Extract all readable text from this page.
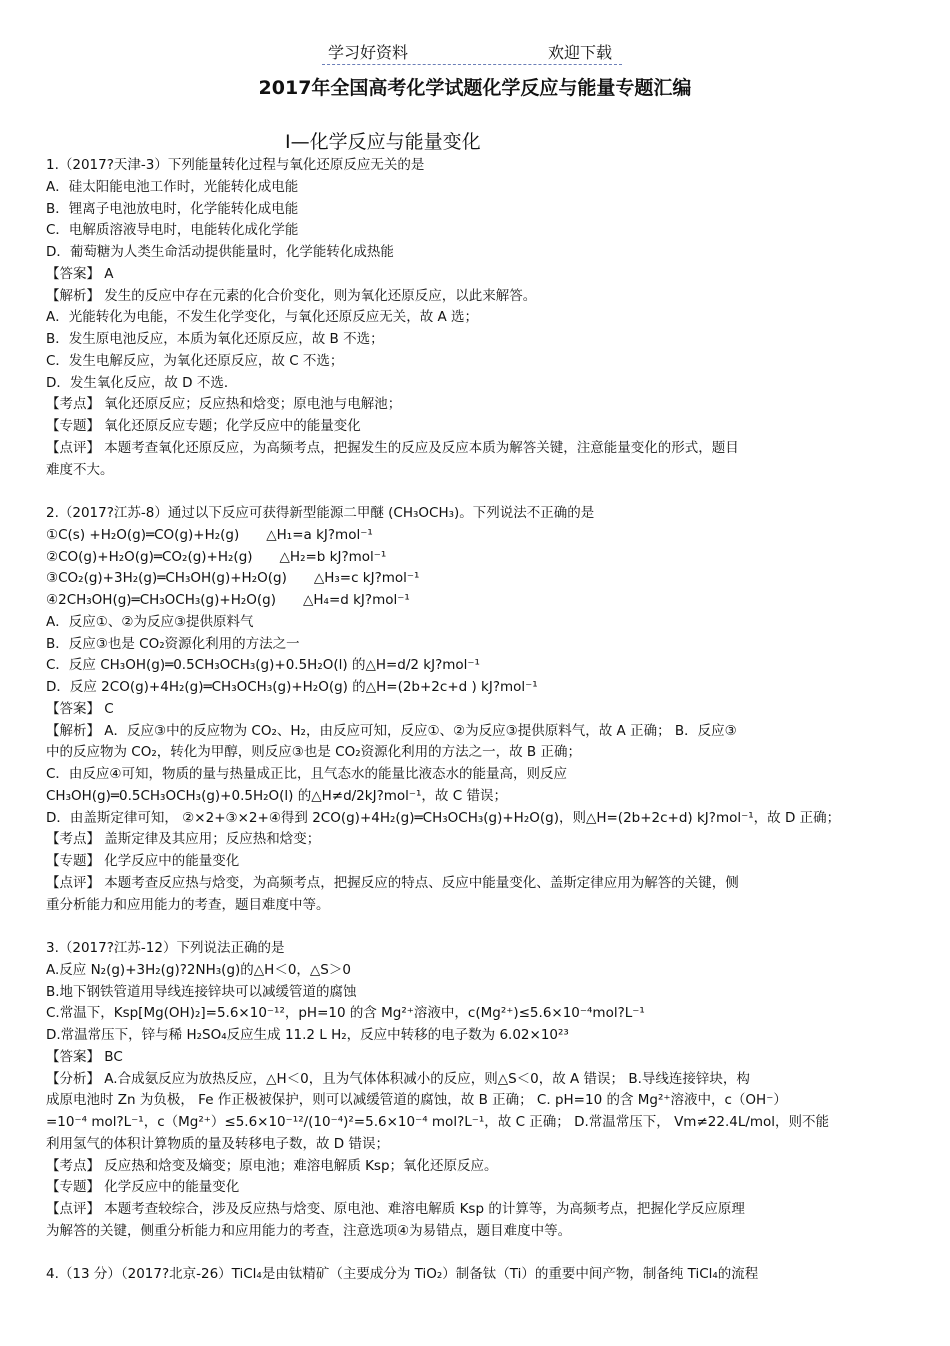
学习好资料	欢迎下载
2017年全国高考化学试题化学反应与能量专题汇编
Ⅰ—化学反应与能量变化
1.（2017?天津-3）下列能量转化过程与氧化还原反应无关的是
A．硅太阳能电池工作时，光能转化成电能
B．锂离子电池放电时，化学能转化成电能
C．电解质溶液导电时，电能转化成化学能
D．葡萄糖为人类生命活动提供能量时，化学能转化成热能
【答案】 A
【解析】 发生的反应中存在元素的化合价变化，则为氧化还原反应，以此来解答。
A．光能转化为电能，不发生化学变化，与氧化还原反应无关，故 A 选；
B．发生原电池反应，本质为氧化还原反应，故 B 不选；
C．发生电解反应，为氧化还原反应，故 C 不选；
D．发生氧化反应，故 D 不选．
【考点】 氧化还原反应；反应热和焓变；原电池与电解池；
【专题】 氧化还原反应专题；化学反应中的能量变化
【点评】 本题考查氧化还原反应，为高频考点，把握发生的反应及反应本质为解答关键，注意能量变化的形式，题目
难度不大。
2.（2017?江苏-8）通过以下反应可获得新型能源二甲醚 (CH₃OCH₃)。下列说法不正确的是
①C(s) +H₂O(g)═CO(g)+H₂(g)　　△H₁=a kJ?mol⁻¹
②CO(g)+H₂O(g)═CO₂(g)+H₂(g)　　△H₂=b kJ?mol⁻¹
③CO₂(g)+3H₂(g)═CH₃OH(g)+H₂O(g)　　△H₃=c kJ?mol⁻¹
④2CH₃OH(g)═CH₃OCH₃(g)+H₂O(g)　　△H₄=d kJ?mol⁻¹
A．反应①、②为反应③提供原料气
B．反应③也是 CO₂资源化利用的方法之一
C．反应 CH₃OH(g)═0.5CH₃OCH₃(g)+0.5H₂O(l) 的△H=d/2 kJ?mol⁻¹
D．反应 2CO(g)+4H₂(g)═CH₃OCH₃(g)+H₂O(g) 的△H=(2b+2c+d ) kJ?mol⁻¹
【答案】 C
【解析】 A．反应③中的反应物为 CO₂、H₂，由反应可知，反应①、②为反应③提供原料气，故 A 正确； B．反应③
中的反应物为 CO₂，转化为甲醇，则反应③也是 CO₂资源化利用的方法之一，故 B 正确；
C．由反应④可知，物质的量与热量成正比，且气态水的能量比液态水的能量高，则反应
CH₃OH(g)═0.5CH₃OCH₃(g)+0.5H₂O(l) 的△H≠d/2kJ?mol⁻¹，故 C 错误；
D．由盖斯定律可知， ②×2+③×2+④得到 2CO(g)+4H₂(g)═CH₃OCH₃(g)+H₂O(g)，则△H=(2b+2c+d) kJ?mol⁻¹，故 D 正确；
【考点】 盖斯定律及其应用；反应热和焓变；
【专题】 化学反应中的能量变化
【点评】 本题考查反应热与焓变，为高频考点，把握反应的特点、反应中能量变化、盖斯定律应用为解答的关键，侧
重分析能力和应用能力的考查，题目难度中等。
3.（2017?江苏-12）下列说法正确的是
A.反应 N₂(g)+3H₂(g)?2NH₃(g)的△H＜0，△S＞0
B.地下钢铁管道用导线连接锌块可以减缓管道的腐蚀
C.常温下，Ksp[Mg(OH)₂]=5.6×10⁻¹²，pH=10 的含 Mg²⁺溶液中，c(Mg²⁺)≤5.6×10⁻⁴mol?L⁻¹
D.常温常压下，锌与稀 H₂SO₄反应生成 11.2 L H₂，反应中转移的电子数为 6.02×10²³
【答案】 BC
【分析】 A.合成氨反应为放热反应，△H＜0，且为气体体积减小的反应，则△S＜0，故 A 错误； B.导线连接锌块，构
成原电池时 Zn 为负极， Fe 作正极被保护，则可以减缓管道的腐蚀，故 B 正确； C. pH=10 的含 Mg²⁺溶液中，c（OH⁻）
=10⁻⁴ mol?L⁻¹，c（Mg²⁺）≤5.6×10⁻¹²/(10⁻⁴)²=5.6×10⁻⁴ mol?L⁻¹，故 C 正确； D.常温常压下， Vm≠22.4L/mol，则不能
利用氢气的体积计算物质的量及转移电子数，故 D 错误；
【考点】 反应热和焓变及熵变；原电池；难溶电解质 Ksp；氧化还原反应。
【专题】 化学反应中的能量变化
【点评】 本题考查较综合，涉及反应热与焓变、原电池、难溶电解质 Ksp 的计算等，为高频考点，把握化学反应原理
为解答的关键，侧重分析能力和应用能力的考查，注意选项④为易错点，题目难度中等。
4.（13 分）（2017?北京-26）TiCl₄是由钛精矿（主要成分为 TiO₂）制备钛（Ti）的重要中间产物，制备纯 TiCl₄的流程
